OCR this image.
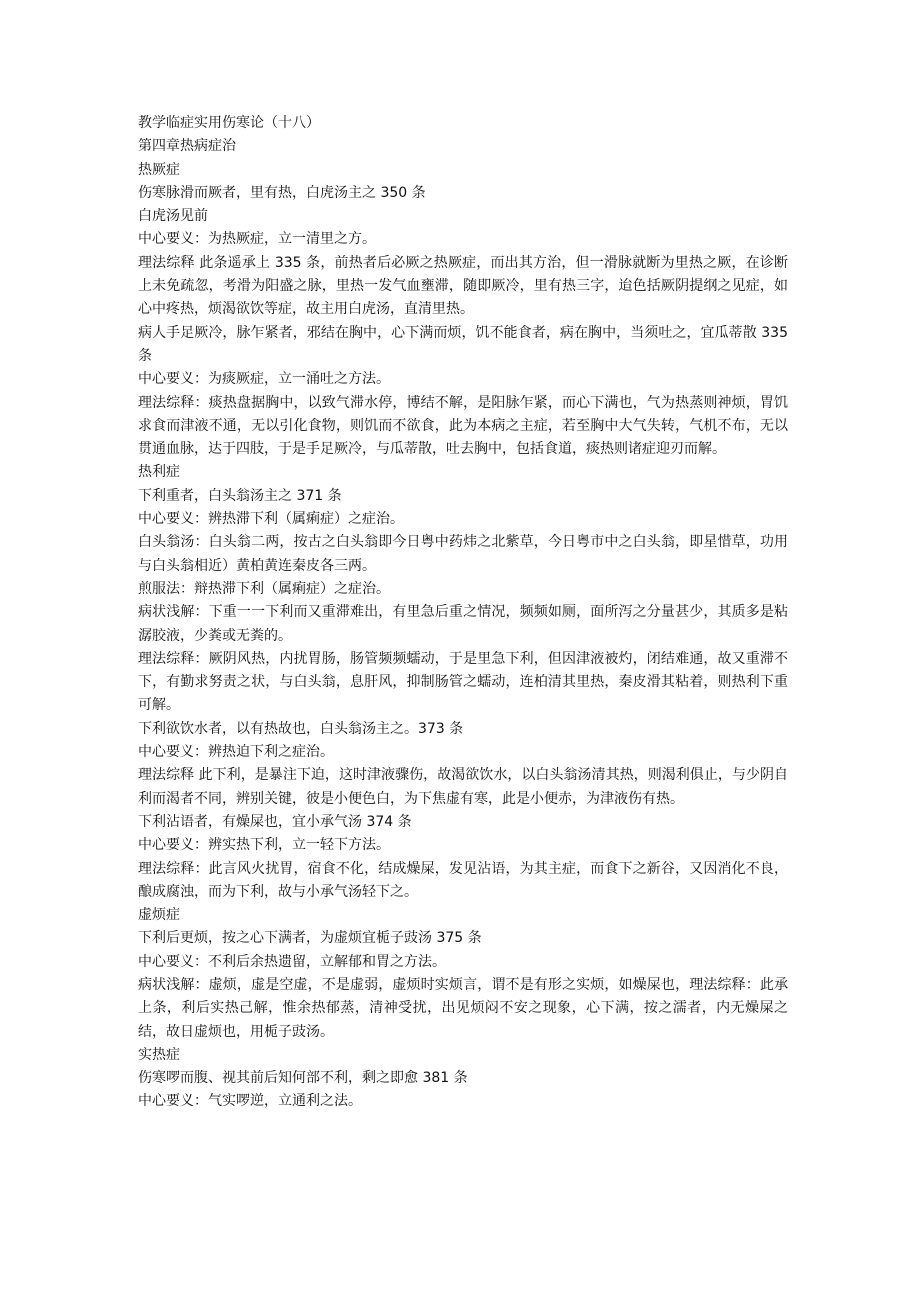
教学临症实用伤寒论（十八）

第四章热病症治

热厥症

伤寒脉滑而厥者，里有热，白虎汤主之 350 条

白虎汤见前

中心要义：为热厥症，立一清里之方。

理法综释 此条遥承上 335 条，前热者后必厥之热厥症，而出其方治，但一滑脉就断为里热之厥，在诊断上未免疏忽，考滑为阳盛之脉，里热一发气血壅滞，随即厥冷，里有热三字，迨色括厥阴提纲之见症，如心中疼热，烦渴欲饮等症，故主用白虎汤，直清里热。

病人手足厥冷，脉乍紧者，邪结在胸中，心下满而烦，饥不能食者，病在胸中，当须吐之，宜瓜蒂散 335 条

中心要义：为痰厥症，立一涌吐之方法。

理法综释：痰热盘据胸中，以致气滞水停，博结不解，是阳脉乍紧，而心下满也，气为热蒸则神烦，胃饥求食而津液不通，无以引化食物，则饥而不欲食，此为本病之主症，若至胸中大气失转，气机不布，无以贯通血脉，达于四肢，于是手足厥冷，与瓜蒂散，吐去胸中，包括食道，痰热则诸症迎刃而解。

热利症

下利重者，白头翁汤主之 371 条

中心要义：辨热滞下利（属痢症）之症治。

白头翁汤：白头翁二两，按古之白头翁即今日粤中药炜之北紫草，今日粤市中之白头翁，即星惜草，功用与白头翁相近）黄柏黄连秦皮各三两。

煎服法：辩热滞下利（属痢症）之症治。

病状浅解：下重一一下利而又重滞难出，有里急后重之情况，频频如厕，面所泻之分量甚少，其质多是粘潺胶液，少粪或无粪的。

理法综释：厥阴风热，内扰胃肠，肠管频频蠕动，于是里急下利，但因津液被灼，闭结难通，故又重滞不下，有勤求努责之状，与白头翁，息肝风，抑制肠管之蠕动，连柏清其里热，秦皮滑其粘着，则热利下重可解。

下利欲饮水者，以有热故也，白头翁汤主之。373 条

中心要义：辨热迫下利之症治。

理法综释 此下利，是暴注下迫，这时津液骤伤，故渴欲饮水，以白头翁汤清其热，则渴利俱止，与少阴自利而渴者不同，辨别关键，彼是小便色白，为下焦虚有寒，此是小便赤，为津液伤有热。

下利沾语者，有燥屎也，宜小承气汤 374 条

中心要义：辨实热下利，立一轻下方法。

理法综释：此言风火扰胃，宿食不化，结成燥屎，发见沾语，为其主症，而食下之新谷，又因消化不良，酿成腐浊，而为下利，故与小承气汤轻下之。

虚烦症

下利后更烦，按之心下满者，为虚烦宜栀子豉汤 375 条

中心要义：不利后余热遗留，立解郁和胃之方法。

病状浅解：虚烦，虚是空虚，不是虚弱，虚烦时实烦言，谓不是有形之实烦，如燥屎也，理法综释：此承上条，利后实热己解，惟余热郁蒸，清神受扰，出见烦闷不安之现象，心下满，按之濡者，内无燥屎之结，故日虚烦也，用栀子豉汤。

实热症

伤寒啰而腹、视其前后知何部不利，剩之即愈 381 条

中心要义：气实啰逆，立通利之法。
